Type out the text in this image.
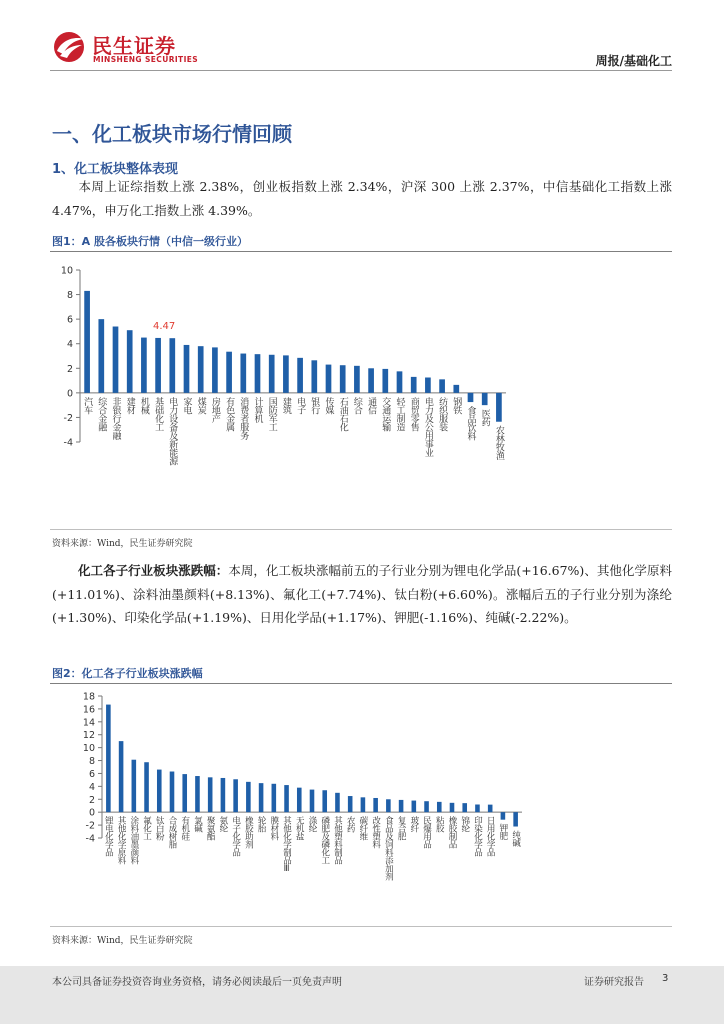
民生证券
MINSHENG SECURITIES	周报/基础化工
一、化工板块市场行情回顾
1、化工板块整体表现
本周上证综指数上涨 2.38%，创业板指数上涨 2.34%，沪深 300 上涨 2.37%，中信基础化工指数上涨 4.47%，申万化工指数上涨 4.39%。
图1：A 股各板块行情（中信一级行业）
-4
-2
0
2
4
6
8
10
汽车 综合金融 非银行金融 建材 机械 基础化工 电力设备及新能源 家电 煤炭 房地产 有色金属 消费者服务 计算机 国防军工 建筑 电子 银行 传媒 石油石化 综合 通信 交通运输 轻工制造 商贸零售 电力及公用事业 纺织服装 钢铁
食品饮料 医药
农林牧渔
4.47
资料来源：Wind，民生证券研究院
化工各子行业板块涨跌幅：本周，化工板块涨幅前五的子行业分别为锂电化学品(+16.67%)、其他化学原料(+11.01%)、涂料油墨颜料(+8.13%)、氟化工(+7.74%)、钛白粉(+6.60%)。涨幅后五的子行业分别为涤纶(+1.30%)、印染化学品(+1.19%)、日用化学品(+1.17%)、钾肥(-1.16%)、纯碱(-2.22%)。
图2：化工各子行业板块涨跌幅
-4
-2
0
2
4
6
8
10
12
14
16
18
锂电化学品 其他化学原料 涂料油墨颜料 氟化工 钛白粉 合成树脂 有机硅 氯碱 聚氨酯 氨纶 电子化学品 橡胶助剂 轮胎 膜材料 其他化学制品Ⅲ 无机盐 涤纶 磷肥及磷化工 其他塑料制品 农药 碳纤维 改性塑料 食品及饲料添加剂 复合肥 玻纤 民爆用品 粘胶 橡胶制品 锦纶 印染化学品 日用化学品 钾肥 纯碱
资料来源：Wind，民生证券研究院
本公司具备证券投资咨询业务资格，请务必阅读最后一页免责声明	证券研究报告 3
